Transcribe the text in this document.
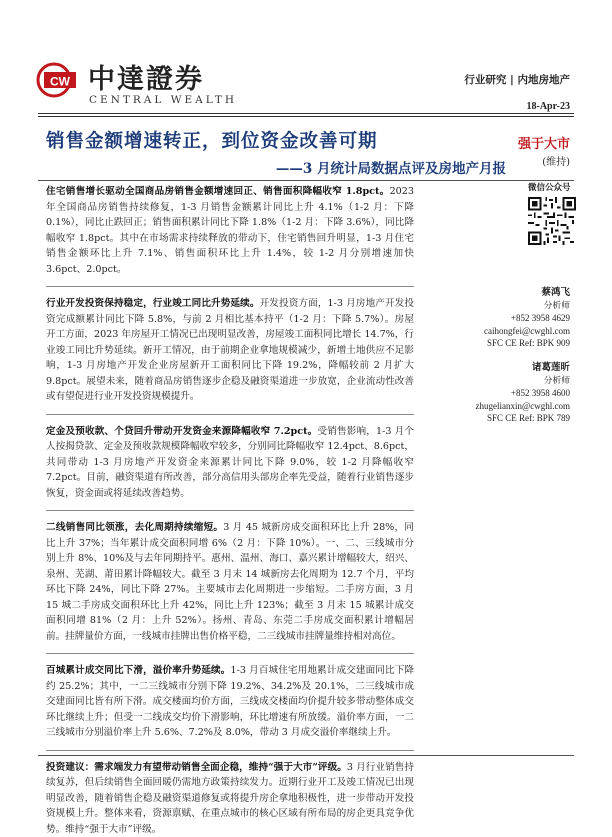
CW 中達證券
CENTRAL WEALTH
行业研究 | 内地房地产
18-Apr-23
销售金额增速转正，到位资金改善可期
——3 月统计局数据点评及房地产月报
强于大市
(维持)

住宅销售增长驱动全国商品房销售金额增速回正、销售面积降幅收窄 1.8pct。2023 年全国商品房销售持续修复，1-3 月销售金额累计同比上升 4.1%（1-2 月：下降 0.1%），同比止跌回正；销售面积累计同比下降 1.8%（1-2 月：下降 3.6%），同比降幅收窄 1.8pct。其中在市场需求持续释放的带动下，住宅销售回升明显，1-3 月住宅销售金额环比上升 7.1%、销售面积环比上升 1.4%，较 1-2 月分别增速加快 3.6pct、2.0pct。

行业开发投资保持稳定，行业竣工同比升势延续。开发投资方面，1-3 月房地产开发投资完成额累计同比下降 5.8%，与前 2 月相比基本持平（1-2 月：下降 5.7%）。房屋开工方面，2023 年房屋开工情况已出现明显改善，房屋竣工面积同比增长 14.7%，行业竣工同比升势延续。新开工情况，由于前期企业拿地规模减少，新增土地供应不足影响，1-3 月房地产开发企业房屋新开工面积同比下降 19.2%，降幅较前 2 月扩大 9.8pct。展望未来，随着商品房销售逐步企稳及融资渠道进一步放宽，企业流动性改善或有望促进行业开发投资规模提升。

定金及预收款、个贷回升带动开发资金来源降幅收窄 7.2pct。受销售影响，1-3 月个人按揭贷款、定金及预收款规模降幅收窄较多，分别同比降幅收窄 12.4pct、8.6pct，共同带动 1-3 月房地产开发资金来源累计同比下降 9.0%，较 1-2 月降幅收窄 7.2pct。目前，融资渠道有所改善，部分高信用头部房企率先受益，随着行业销售逐步恢复，资金面或将延续改善趋势。

二线销售同比领涨，去化周期持续缩短。3 月 45 城新房成交面积环比上升 28%，同比上升 37%；当年累计成交面积同增 6%（2 月：下降 10%）。一、二、三线城市分别上升 8%、10%及与去年同期持平。惠州、温州、海口、嘉兴累计增幅较大，绍兴、泉州、芜湖、莆田累计降幅较大。截至 3 月末 14 城新房去化周期为 12.7 个月，平均环比下降 24%，同比下降 27%。主要城市去化周期进一步缩短。二手房方面，3 月 15 城二手房成交面积环比上升 42%，同比上升 123%；截至 3 月末 15 城累计成交面积同增 81%（2 月：上升 52%）。扬州、青岛、东莞二手房成交面积累计增幅居前。挂牌量价方面，一线城市挂牌出售价格平稳，二三线城市挂牌量维持相对高位。

百城累计成交同比下滑，溢价率升势延续。1-3 月百城住宅用地累计成交建面同比下降约 25.2%；其中，一二三线城市分别下降 19.2%、34.2%及 20.1%，二三线城市成交建面同比皆有所下滑。成交楼面均价方面，三线成交楼面均价提升较多带动整体成交环比继续上升；但受一二线成交均价下滑影响，环比增速有所放缓。溢价率方面，一二三线城市分别溢价率上升 5.6%、7.2%及 8.0%，带动 3 月成交溢价率继续上升。

投资建议：需求端发力有望带动销售全面企稳，维持“强于大市”评级。3 月行业销售持续复苏，但后续销售全面回暖仍需地方政策持续发力。近期行业开工及竣工情况已出现明显改善，随着销售企稳及融资渠道修复或将提升房企拿地积极性，进一步带动开发投资规模上升。整体来看，资源禀赋、在重点城市的核心区域有所布局的房企更具竞争优势。维持“强于大市”评级。

微信公众号
蔡鸿飞
分析师
+852 3958 4629
caihongfei@cwghl.com
SFC CE Ref: BPK 909
诸葛莲昕
分析师
+852 3958 4600
zhugelianxin@cwghl.com
SFC CE Ref: BPK 789
